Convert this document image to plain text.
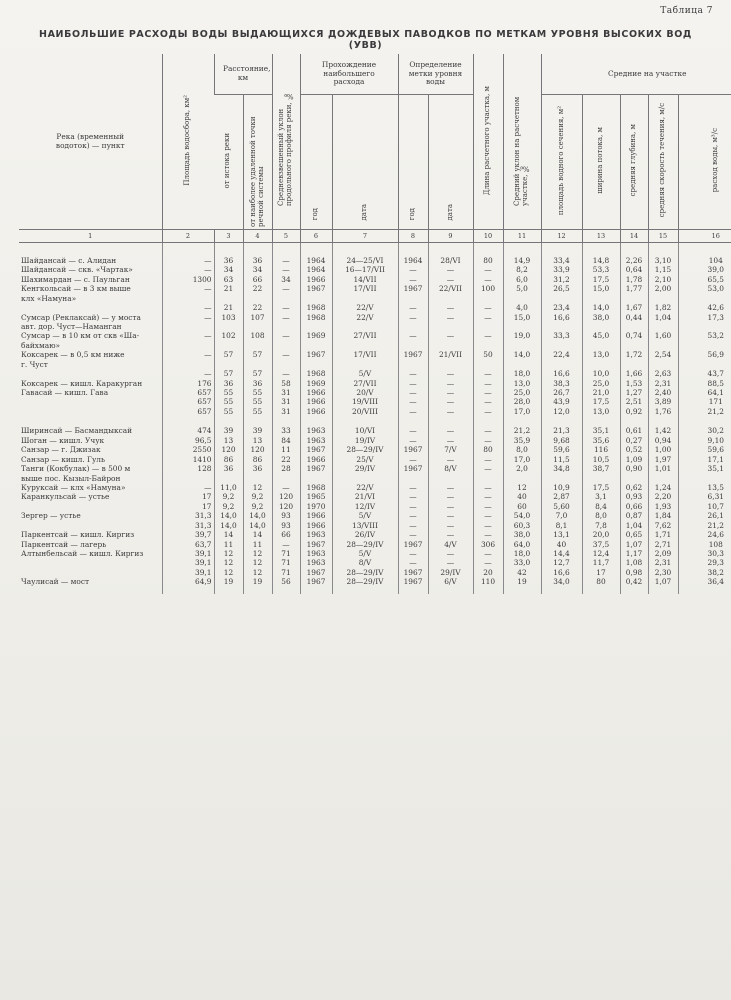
Таблица 7
НАИБОЛЬШИЕ РАСХОДЫ ВОДЫ ВЫДАЮЩИХСЯ ДОЖДЕВЫХ ПАВОДКОВ ПО МЕТКАМ УРОВНЯ ВЫСОКИХ ВОД (УВВ)
Река (временный водоток) — пункт	Площадь водосбора, км²	Расстояние, км		Средневзвешенный уклон продольного профиля реки, ‰	Прохождение наибольшего расхода		Определение метки уровня воды		Длина расчетного участка, м	Средний уклон на расчетном участке, ‰	Средние на участке				
		от истока реки	от наиболее удаленной точки речной системы		год	дата	год	дата			площадь водного сечения, м²	ширина потока, м	средняя глубина, м	средняя скорость течения, м/с	расход воды, м³/с
1	2	3	4	5	6	7	8	9	10	11	12	13	14	15	16

Шайдансай — с. Алидан	—	36	36	—	1964	24—25/VI	1964	28/VI	80	14,9	33,4	14,8	2,26	3,10	104
Шайдансай — скв. «Чартак»	—	34	34	—	1964	16—17/VII	—	—	—	8,2	33,9	53,3	0,64	1,15	39,0
Шахимардан — с. Паульган	1300	63	66	34	1966	14/VII	—	—	—	6,0	31,2	17,5	1,78	2,10	65,5
Кенгкольсай — в 3 км выше	—	21	22	—	1967	17/VII	1967	22/VII	100	5,0	26,5	15,0	1,77	2,00	53,0
клх «Намуна»															
	—	21	22	—	1968	22/V	—	—	—	4,0	23,4	14,0	1,67	1,82	42,6
Сумсар (Реклаксай) — у моста	—	103	107	—	1968	22/V	—	—	—	15,0	16,6	38,0	0,44	1,04	17,3
авт. дор. Чуст—Наманган															
Сумсар — в 10 км от скв «Ша-	—	102	108	—	1969	27/VII	—	—	—	19,0	33,3	45,0	0,74	1,60	53,2
байхмаю»															
Коксарек — в 0,5 км ниже	—	57	57	—	1967	17/VII	1967	21/VII	50	14,0	22,4	13,0	1,72	2,54	56,9
г. Чуст															
	—	57	57	—	1968	5/V	—	—	—	18,0	16,6	10,0	1,66	2,63	43,7
Коксарек — кишл. Каракурган	176	36	36	58	1969	27/VII	—	—	—	13,0	38,3	25,0	1,53	2,31	88,5
Гавасай — кишл. Гава	657	55	55	31	1966	20/V	—	—	—	25,0	26,7	21,0	1,27	2,40	64,1
	657	55	55	31	1966	19/VIII	—	—	—	28,0	43,9	17,5	2,51	3,89	171
	657	55	55	31	1966	20/VIII	—	—	—	17,0	12,0	13,0	0,92	1,76	21,2

Ширинсай — Басмандыксай	474	39	39	33	1963	10/VI	—	—	—	21,2	21,3	35,1	0,61	1,42	30,2
Шоган — кишл. Учук	96,5	13	13	84	1963	19/IV	—	—	—	35,9	9,68	35,6	0,27	0,94	9,10
Санзар — г. Джизак	2550	120	120	11	1967	28—29/IV	1967	7/V	80	8,0	59,6	116	0,52	1,00	59,6
Санзар — кишл. Гуль	1410	86	86	22	1966	25/V	—	—	—	17,0	11,5	10,5	1,09	1,97	17,1
Танги (Кокбулак) — в 500 м	128	36	36	28	1967	29/IV	1967	8/V	—	2,0	34,8	38,7	0,90	1,01	35,1
выше пос. Кызыл-Байрон															
Куруксай — клх «Намуна»	—	11,0	12	—	1968	22/V	—	—	—	12	10,9	17,5	0,62	1,24	13,5
Каранкульсай — устье	17	9,2	9,2	120	1965	21/VI	—	—	—	40	2,87	3,1	0,93	2,20	6,31
	17	9,2	9,2	120	1970	12/IV	—	—	—	60	5,60	8,4	0,66	1,93	10,7
Зергер — устье	31,3	14,0	14,0	93	1966	5/V	—	—	—	54,0	7,0	8,0	0,87	1,84	26,1
	31,3	14,0	14,0	93	1966	13/VIII	—	—	—	60,3	8,1	7,8	1,04	7,62	21,2
Паркентсай — кишл. Киргиз	39,7	14	14	66	1963	26/IV	—	—	—	38,0	13,1	20,0	0,65	1,71	24,6
Паркентсай — лагерь	63,7	11	11	—	1967	28—29/IV	1967	4/V	306	64,0	40	37,5	1,07	2,71	108
Алтынбельсай — кишл. Киргиз	39,1	12	12	71	1963	5/V	—	—	—	18,0	14,4	12,4	1,17	2,09	30,3
	39,1	12	12	71	1963	8/V	—	—	—	33,0	12,7	11,7	1,08	2,31	29,3
	39,1	12	12	71	1967	28—29/IV	1967	29/IV	20	42	16,6	17	0,98	2,30	38,2
Чаулисай — мост	64,9	19	19	56	1967	28—29/IV	1967	6/V	110	19	34,0	80	0,42	1,07	36,4
